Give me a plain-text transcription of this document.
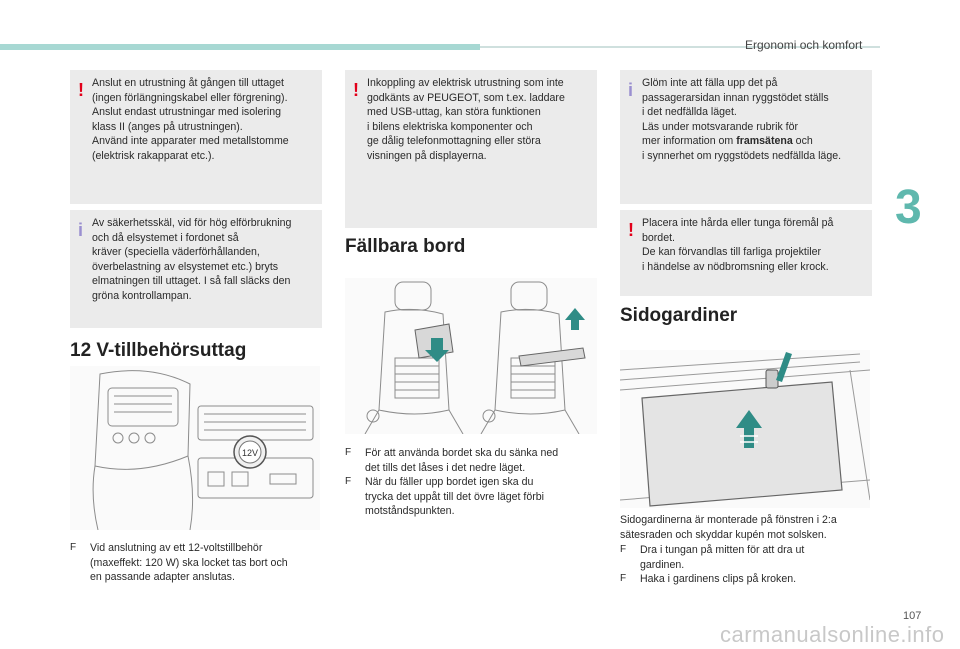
Ergonomi och komfort
3
! Anslut en utrustning åt gången till uttaget
(ingen förlängningskabel eller förgrening).
Anslut endast utrustningar med isolering
klass II (anges på utrustningen).
Använd inte apparater med metallstomme
(elektrisk rakapparat etc.).

i Av säkerhetsskäl, vid för hög elförbrukning
och då elsystemet i fordonet så
kräver (speciella väderförhållanden,
överbelastning av elsystemet etc.) bryts
elmatningen till uttaget. I så fall släcks den
gröna kontrollampan.

12 V-tillbehörsuttag
12V
F Vid anslutning av ett 12-voltstillbehör
(maxeffekt: 120 W) ska locket tas bort och
en passande adapter anslutas.
! Inkoppling av elektrisk utrustning som inte
godkänts av PEUGEOT, som t.ex. laddare
med USB-uttag, kan störa funktionen
i bilens elektriska komponenter och
ge dålig telefonmottagning eller störa
visningen på displayerna.

Fällbara bord
F För att använda bordet ska du sänka ned
det tills det låses i det nedre läget.
F När du fäller upp bordet igen ska du
trycka det uppåt till det övre läget förbi
motståndspunkten.
i Glöm inte att fälla upp det på
passagerarsidan innan ryggstödet ställs
i det nedfällda läget.
Läs under motsvarande rubrik för
mer information om framsätena och
i synnerhet om ryggstödets nedfällda läge.

! Placera inte hårda eller tunga föremål på
bordet.
De kan förvandlas till farliga projektiler
i händelse av nödbromsning eller krock.

Sidogardiner
Sidogardinerna är monterade på fönstren i 2:a
sätesraden och skyddar kupén mot solsken.
F Dra i tungan på mitten för att dra ut
gardinen.
F Haka i gardinens clips på kroken.
107
carmanualsonline.info
